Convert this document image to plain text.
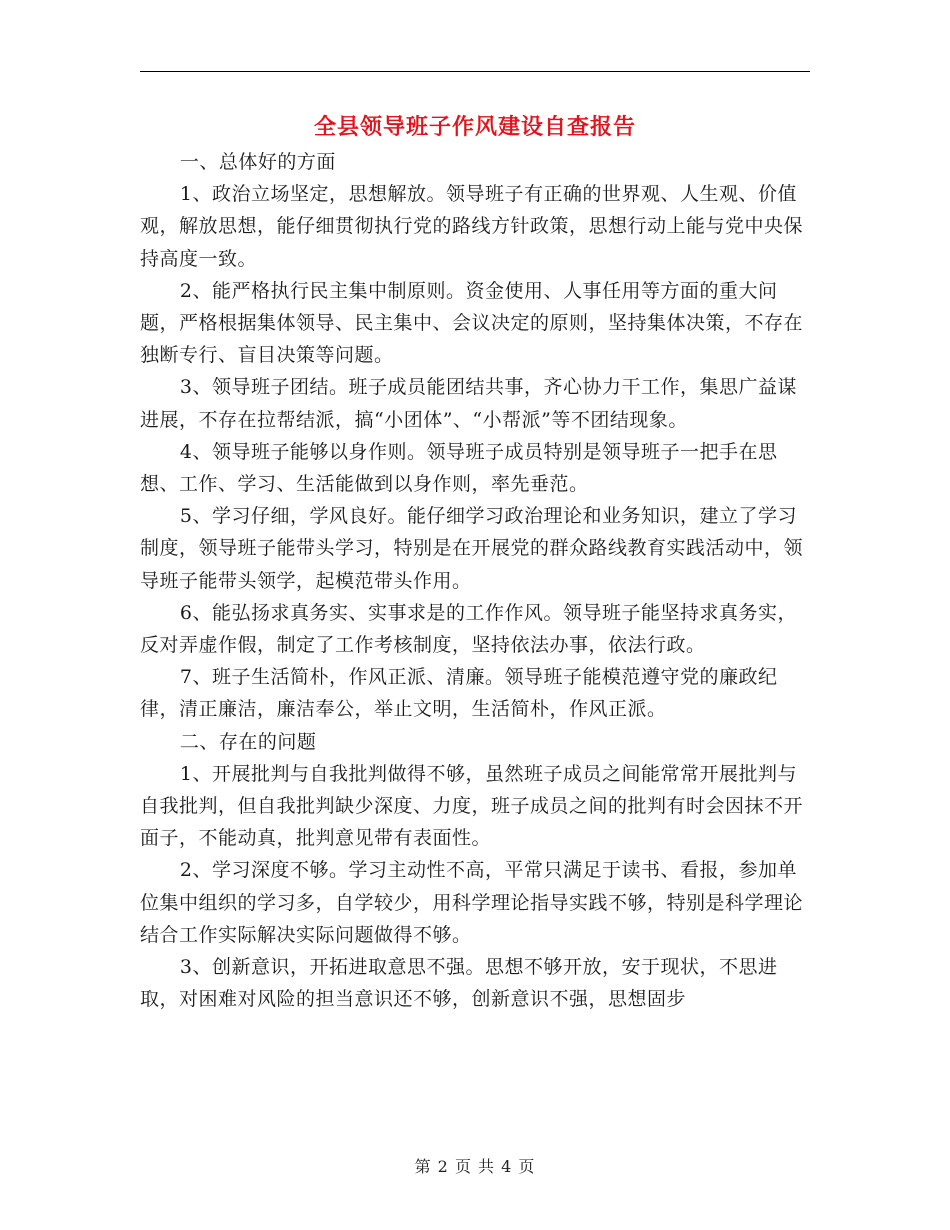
全县领导班子作风建设自查报告

一、总体好的方面

1、政治立场坚定，思想解放。领导班子有正确的世界观、人生观、价值观，解放思想，能仔细贯彻执行党的路线方针政策，思想行动上能与党中央保持高度一致。

2、能严格执行民主集中制原则。资金使用、人事任用等方面的重大问题，严格根据集体领导、民主集中、会议决定的原则，坚持集体决策，不存在独断专行、盲目决策等问题。

3、领导班子团结。班子成员能团结共事，齐心协力干工作，集思广益谋进展，不存在拉帮结派，搞“小团体”、“小帮派”等不团结现象。

4、领导班子能够以身作则。领导班子成员特别是领导班子一把手在思想、工作、学习、生活能做到以身作则，率先垂范。

5、学习仔细，学风良好。能仔细学习政治理论和业务知识，建立了学习制度，领导班子能带头学习，特别是在开展党的群众路线教育实践活动中，领导班子能带头领学，起模范带头作用。

6、能弘扬求真务实、实事求是的工作作风。领导班子能坚持求真务实，反对弄虚作假，制定了工作考核制度，坚持依法办事，依法行政。

7、班子生活简朴，作风正派、清廉。领导班子能模范遵守党的廉政纪律，清正廉洁，廉洁奉公，举止文明，生活简朴，作风正派。

二、存在的问题

1、开展批判与自我批判做得不够，虽然班子成员之间能常常开展批判与自我批判，但自我批判缺少深度、力度，班子成员之间的批判有时会因抹不开面子，不能动真，批判意见带有表面性。

2、学习深度不够。学习主动性不高，平常只满足于读书、看报，参加单位集中组织的学习多，自学较少，用科学理论指导实践不够，特别是科学理论结合工作实际解决实际问题做得不够。

3、创新意识，开拓进取意思不强。思想不够开放，安于现状，不思进取，对困难对风险的担当意识还不够，创新意识不强，思想固步

第 2 页 共 4 页
